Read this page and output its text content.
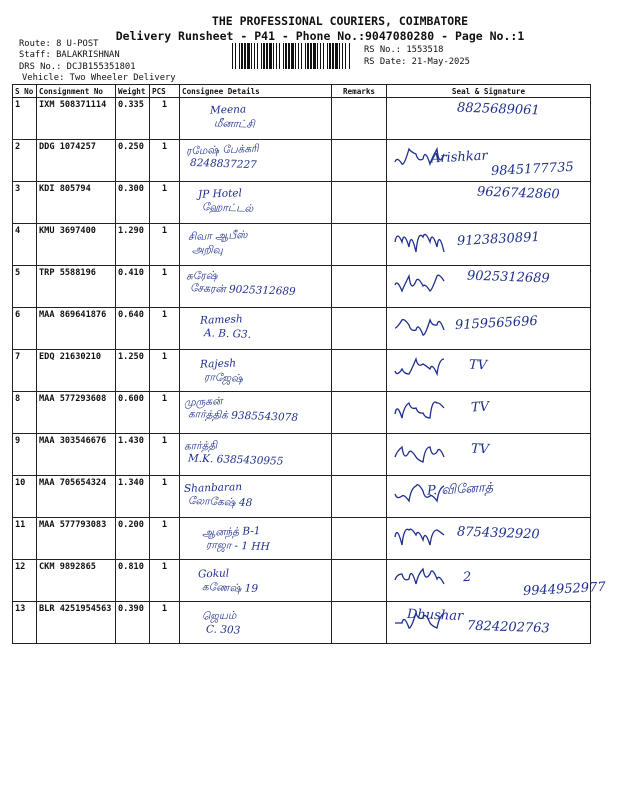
THE PROFESSIONAL COURIERS, COIMBATORE
Delivery Runsheet - P41 - Phone No.:9047080280 - Page No.:1
Route: 8 U-POST
Staff: BALAKRISHNAN
DRS No.: DCJB155351801
Vehicle: Two Wheeler Delivery
RS No.: 1553518
RS Date: 21-May-2025
S No	Consignment No	Weight	PCS	Consignee Details	Remarks	Seal & Signature
1	IXM 508371114	0.335	1	Meena
மீனாட்சி		8825689061

2	DDG 1074257	0.250	1	ரமேஷ் பேக்கரி
8248837227		Arishkar
9845177735

3	KDI 805794	0.300	1	JP Hotel
ஹோட்டல்		9626742860

4	KMU 3697400	1.290	1	சிவா ஆபீஸ்
அறிவு		9123830891

5	TRP 5588196	0.410	1	சுரேஷ்
சேகரன் 9025312689		9025312689

6	MAA 869641876	0.640	1	Ramesh
A. B. G3.		9159565696

7	EDQ 21630210	1.250	1	Rajesh
ராஜேஷ்		TV

8	MAA 577293608	0.600	1	முருகன்
கார்த்திக் 9385543078		TV

9	MAA 303546676	1.430	1	கார்த்தி
M.K. 6385430955		TV

10	MAA 705654324	1.340	1	Shanbaran
லோகேஷ் 48		P. வினோத்

11	MAA 577793083	0.200	1	ஆனந்த் B-1
ராஜா - 1 HH		8754392920

12	CKM 9892865	0.810	1	Gokul
கணேஷ் 19		2
9944952977

13	BLR 4251954563	0.390	1	ஜெயம்
C. 303		Dhushar
7824202763
